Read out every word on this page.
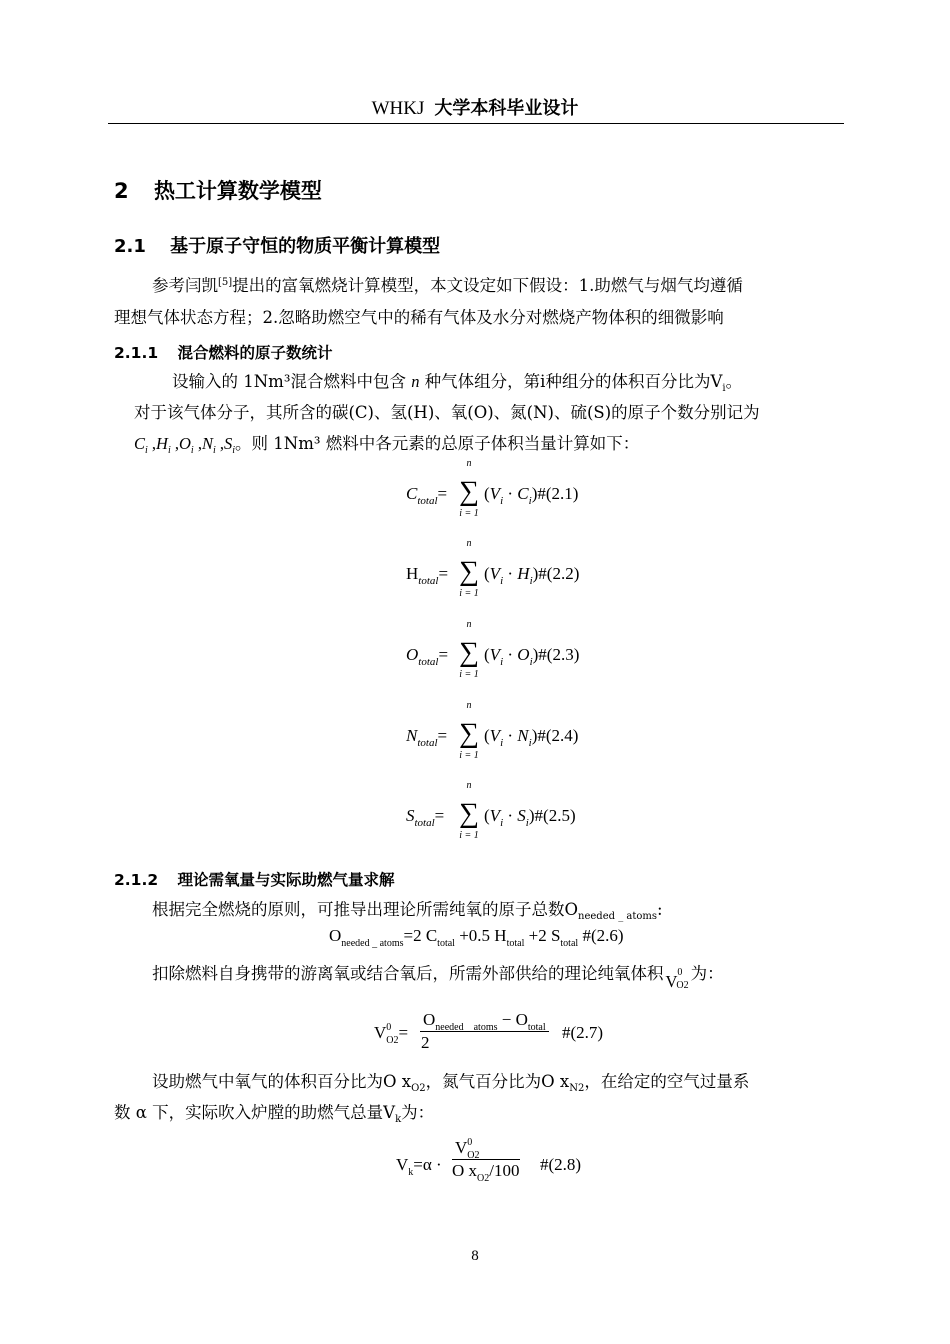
WHKJ 大学本科毕业设计
2 热工计算数学模型
2.1 基于原子守恒的物质平衡计算模型
参考闫凯[5]提出的富氧燃烧计算模型，本文设定如下假设：1.助燃气与烟气均遵循
理想气体状态方程；2.忽略助燃空气中的稀有气体及水分对燃烧产物体积的细微影响
2.1.1 混合燃料的原子数统计
设输入的 1Nm³混合燃料中包含 n 种气体组分，第i种组分的体积百分比为$V_i$。
对于该气体分子，其所含的碳(C)、氢(H)、氧(O)、氮(N)、硫(S)的原子个数分别记为
$C_i$ $,H_i$ $,O_i$ $,N_i$ $,S_i$。则 1Nm³ 燃料中各元素的总原子体积当量计算如下：
$C_{total}=$
n
∑
i = 1
($V_i$ · $C_i)\#(2.1)$
$H_{total}=$
n
∑
i = 1
($V_i$ · $H_i)\#(2.2)$
$O_{total}=$
n
∑
i = 1
($V_i$ · $O_i)\#(2.3)$
$N_{total}=$
n
∑
i = 1
($V_i$ · $N_i)\#(2.4)$
$S_{total}=$
n
∑
i = 1
($V_i$ · $S_i)\#(2.5)$
2.1.2 理论需氧量与实际助燃气量求解
根据完全燃烧的原则，可推导出理论所需纯氧的原子总数$O_{needed \_ atoms}$:
$O_{needed \_ atoms}=2$ $C_{total} +0.5$ $H_{total} +2$ $S_{total}$ #(2.6)
扣除燃料自身携带的游离氧或结合氧后，所需外部供给的理论纯氧体积 $V^0O2$为：
$V^0_{O2}=$
$O_{needed \_ atoms} - O_{total}$
2
#(2.7)
设助燃气中氧气的体积百分比为O $x_{O2}$，氮气百分比为O $x_{N2}$，在给定的空气过量系
数 α 下，实际吹入炉膛的助燃气总量$V_k$为：
$V_k=\alpha \cdot \frac{V^0_{O2}}{O x_{O2}/100}$ #(2.8)
8
